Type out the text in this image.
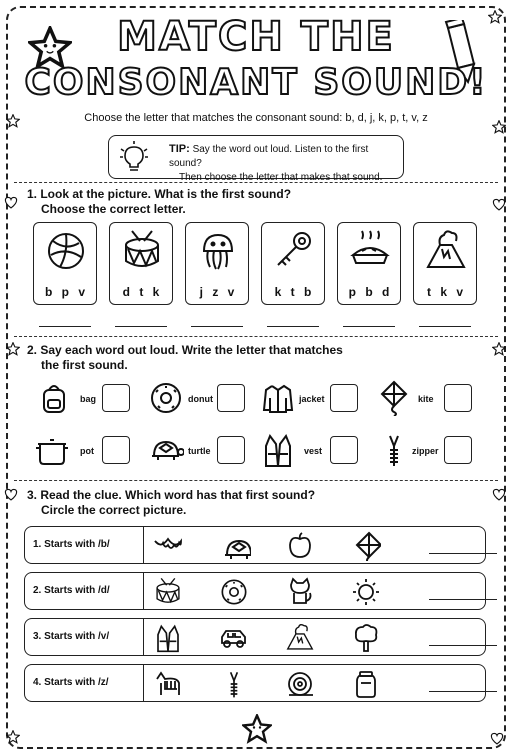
MATCH THE
CONSONANT SOUND!
Choose the letter that matches the consonant sound: b, d, j, k, p, t, v, z
TIP: Say the word out loud. Listen to the first sound?
Then choose the letter that makes that sound.
1. Look at the picture. What is the first sound?
Choose the correct letter.
b p v	d t k	j z v	k t b	p b d	t k v
2. Say each word out loud. Write the letter that matches
the first sound.
bag	donut	jacket	kite
pot	turtle	vest	zipper
3. Read the clue. Which word has that first sound?
Circle the correct picture.
1. Starts with /b/
2. Starts with /d/
3. Starts with /v/
4. Starts with /z/
